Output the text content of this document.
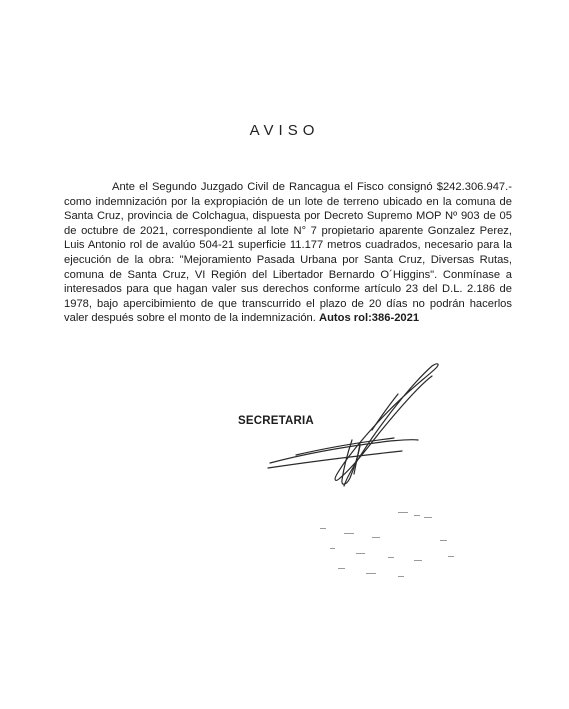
AVISO
Ante el Segundo Juzgado Civil de Rancagua el Fisco consignó $242.306.947.- como indemnización por la expropiación de un lote de terreno ubicado en la comuna de Santa Cruz, provincia de Colchagua, dispuesta por Decreto Supremo MOP Nº 903 de 05 de octubre de 2021, correspondiente al lote N° 7 propietario aparente Gonzalez Perez, Luis Antonio rol de avalúo 504-21 superficie 11.177 metros cuadrados, necesario para la ejecución de la obra: "Mejoramiento Pasada Urbana por Santa Cruz, Diversas Rutas, comuna de Santa Cruz, VI Región del Libertador Bernardo O´Higgins". Conmínase a interesados para que hagan valer sus derechos conforme artículo 23 del D.L. 2.186 de 1978, bajo apercibimiento de que transcurrido el plazo de 20 días no podrán hacerlos valer después sobre el monto de la indemnización. Autos rol:386-2021
SECRETARIA
